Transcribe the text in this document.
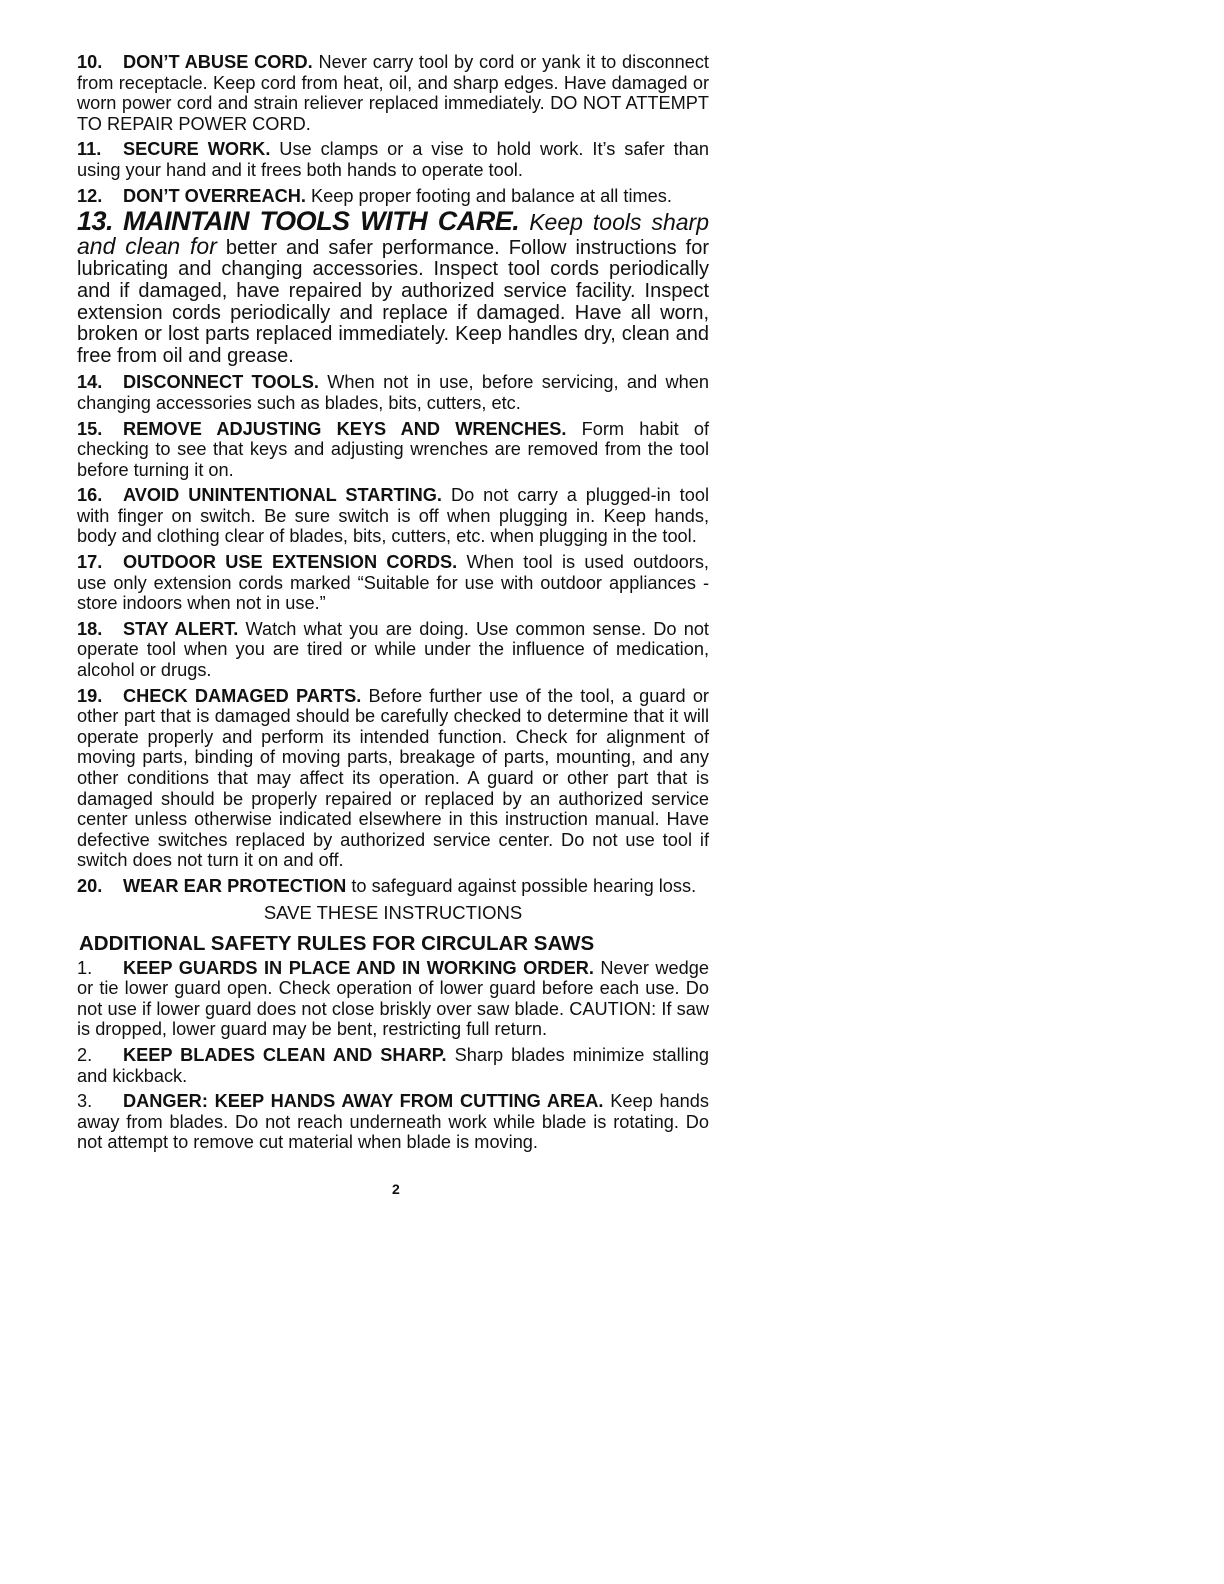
10. DON’T ABUSE CORD. Never carry tool by cord or yank it to disconnect from receptacle. Keep cord from heat, oil, and sharp edges. Have damaged or worn power cord and strain reliever replaced immediately. DO NOT ATTEMPT TO REPAIR POWER CORD.

11. SECURE WORK. Use clamps or a vise to hold work. It’s safer than using your hand and it frees both hands to operate tool.

12. DON’T OVERREACH. Keep proper footing and balance at all times.

13. MAINTAIN TOOLS WITH CARE. Keep tools sharp and clean for better and safer performance. Follow instructions for lubricating and changing accessories. Inspect tool cords periodically and if damaged, have repaired by authorized service facility. Inspect extension cords periodically and replace if damaged. Have all worn, broken or lost parts replaced immediately. Keep handles dry, clean and free from oil and grease.

14. DISCONNECT TOOLS. When not in use, before servicing, and when changing accessories such as blades, bits, cutters, etc.

15. REMOVE ADJUSTING KEYS AND WRENCHES. Form habit of checking to see that keys and adjusting wrenches are removed from the tool before turning it on.

16. AVOID UNINTENTIONAL STARTING. Do not carry a plugged-in tool with finger on switch. Be sure switch is off when plugging in. Keep hands, body and clothing clear of blades, bits, cutters, etc. when plugging in the tool.

17. OUTDOOR USE EXTENSION CORDS. When tool is used outdoors, use only extension cords marked “Suitable for use with outdoor appliances - store indoors when not in use.”

18. STAY ALERT. Watch what you are doing. Use common sense. Do not operate tool when you are tired or while under the influence of medication, alcohol or drugs.

19. CHECK DAMAGED PARTS. Before further use of the tool, a guard or other part that is damaged should be carefully checked to determine that it will operate properly and perform its intended function. Check for alignment of moving parts, binding of moving parts, breakage of parts, mounting, and any other conditions that may affect its operation. A guard or other part that is damaged should be properly repaired or replaced by an authorized service center unless otherwise indicated elsewhere in this instruction manual. Have defective switches replaced by authorized service center. Do not use tool if switch does not turn it on and off.

20. WEAR EAR PROTECTION to safeguard against possible hearing loss.

SAVE THESE INSTRUCTIONS
ADDITIONAL SAFETY RULES FOR CIRCULAR SAWS

1. KEEP GUARDS IN PLACE AND IN WORKING ORDER. Never wedge or tie lower guard open. Check operation of lower guard before each use. Do not use if lower guard does not close briskly over saw blade. CAUTION: If saw is dropped, lower guard may be bent, restricting full return.

2. KEEP BLADES CLEAN AND SHARP. Sharp blades minimize stalling and kickback.

3. DANGER: KEEP HANDS AWAY FROM CUTTING AREA. Keep hands away from blades. Do not reach underneath work while blade is rotating. Do not attempt to remove cut material when blade is moving.

2
